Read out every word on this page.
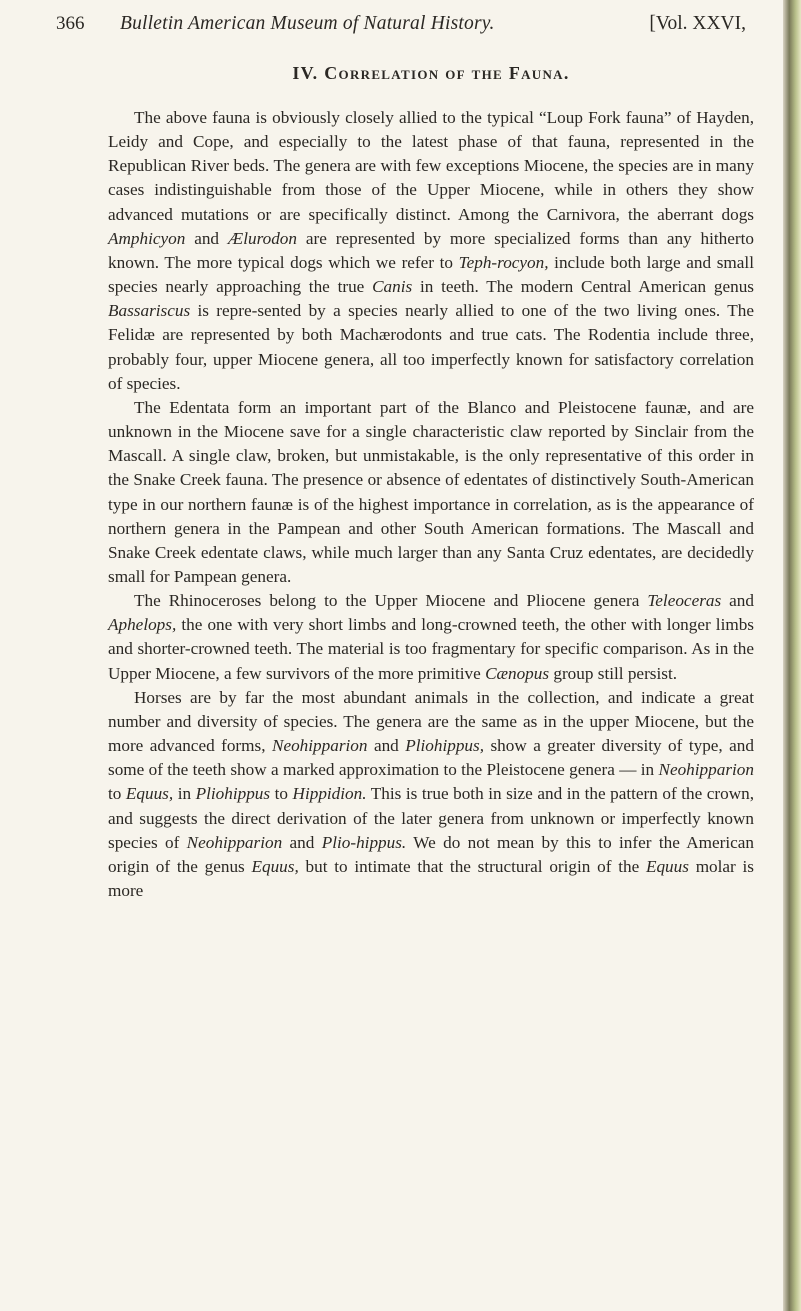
366 Bulletin American Museum of Natural History.	[Vol. XXVI,
IV. Correlation of the Fauna.

The above fauna is obviously closely allied to the typical “Loup Fork fauna” of Hayden, Leidy and Cope, and especially to the latest phase of that fauna, represented in the Republican River beds. The genera are with few exceptions Miocene, the species are in many cases indistinguishable from those of the Upper Miocene, while in others they show advanced mutations or are specifically distinct. Among the Carnivora, the aberrant dogs Amphicyon and Ælurodon are represented by more specialized forms than any hitherto known. The more typical dogs which we refer to Teph-rocyon, include both large and small species nearly approaching the true Canis in teeth. The modern Central American genus Bassariscus is repre-sented by a species nearly allied to one of the two living ones. The Felidæ are represented by both Machærodonts and true cats. The Rodentia include three, probably four, upper Miocene genera, all too imperfectly known for satisfactory correlation of species.

The Edentata form an important part of the Blanco and Pleistocene faunæ, and are unknown in the Miocene save for a single characteristic claw reported by Sinclair from the Mascall. A single claw, broken, but unmistakable, is the only representative of this order in the Snake Creek fauna. The presence or absence of edentates of distinctively South-American type in our northern faunæ is of the highest importance in correlation, as is the appearance of northern genera in the Pampean and other South American formations. The Mascall and Snake Creek edentate claws, while much larger than any Santa Cruz edentates, are decidedly small for Pampean genera.

The Rhinoceroses belong to the Upper Miocene and Pliocene genera Teleoceras and Aphelops, the one with very short limbs and long-crowned teeth, the other with longer limbs and shorter-crowned teeth. The material is too fragmentary for specific comparison. As in the Upper Miocene, a few survivors of the more primitive Cænopus group still persist.

Horses are by far the most abundant animals in the collection, and indicate a great number and diversity of species. The genera are the same as in the upper Miocene, but the more advanced forms, Neohipparion and Pliohippus, show a greater diversity of type, and some of the teeth show a marked approximation to the Pleistocene genera — in Neohipparion to Equus, in Pliohippus to Hippidion. This is true both in size and in the pattern of the crown, and suggests the direct derivation of the later genera from unknown or imperfectly known species of Neohipparion and Plio-hippus. We do not mean by this to infer the American origin of the genus Equus, but to intimate that the structural origin of the Equus molar is more
